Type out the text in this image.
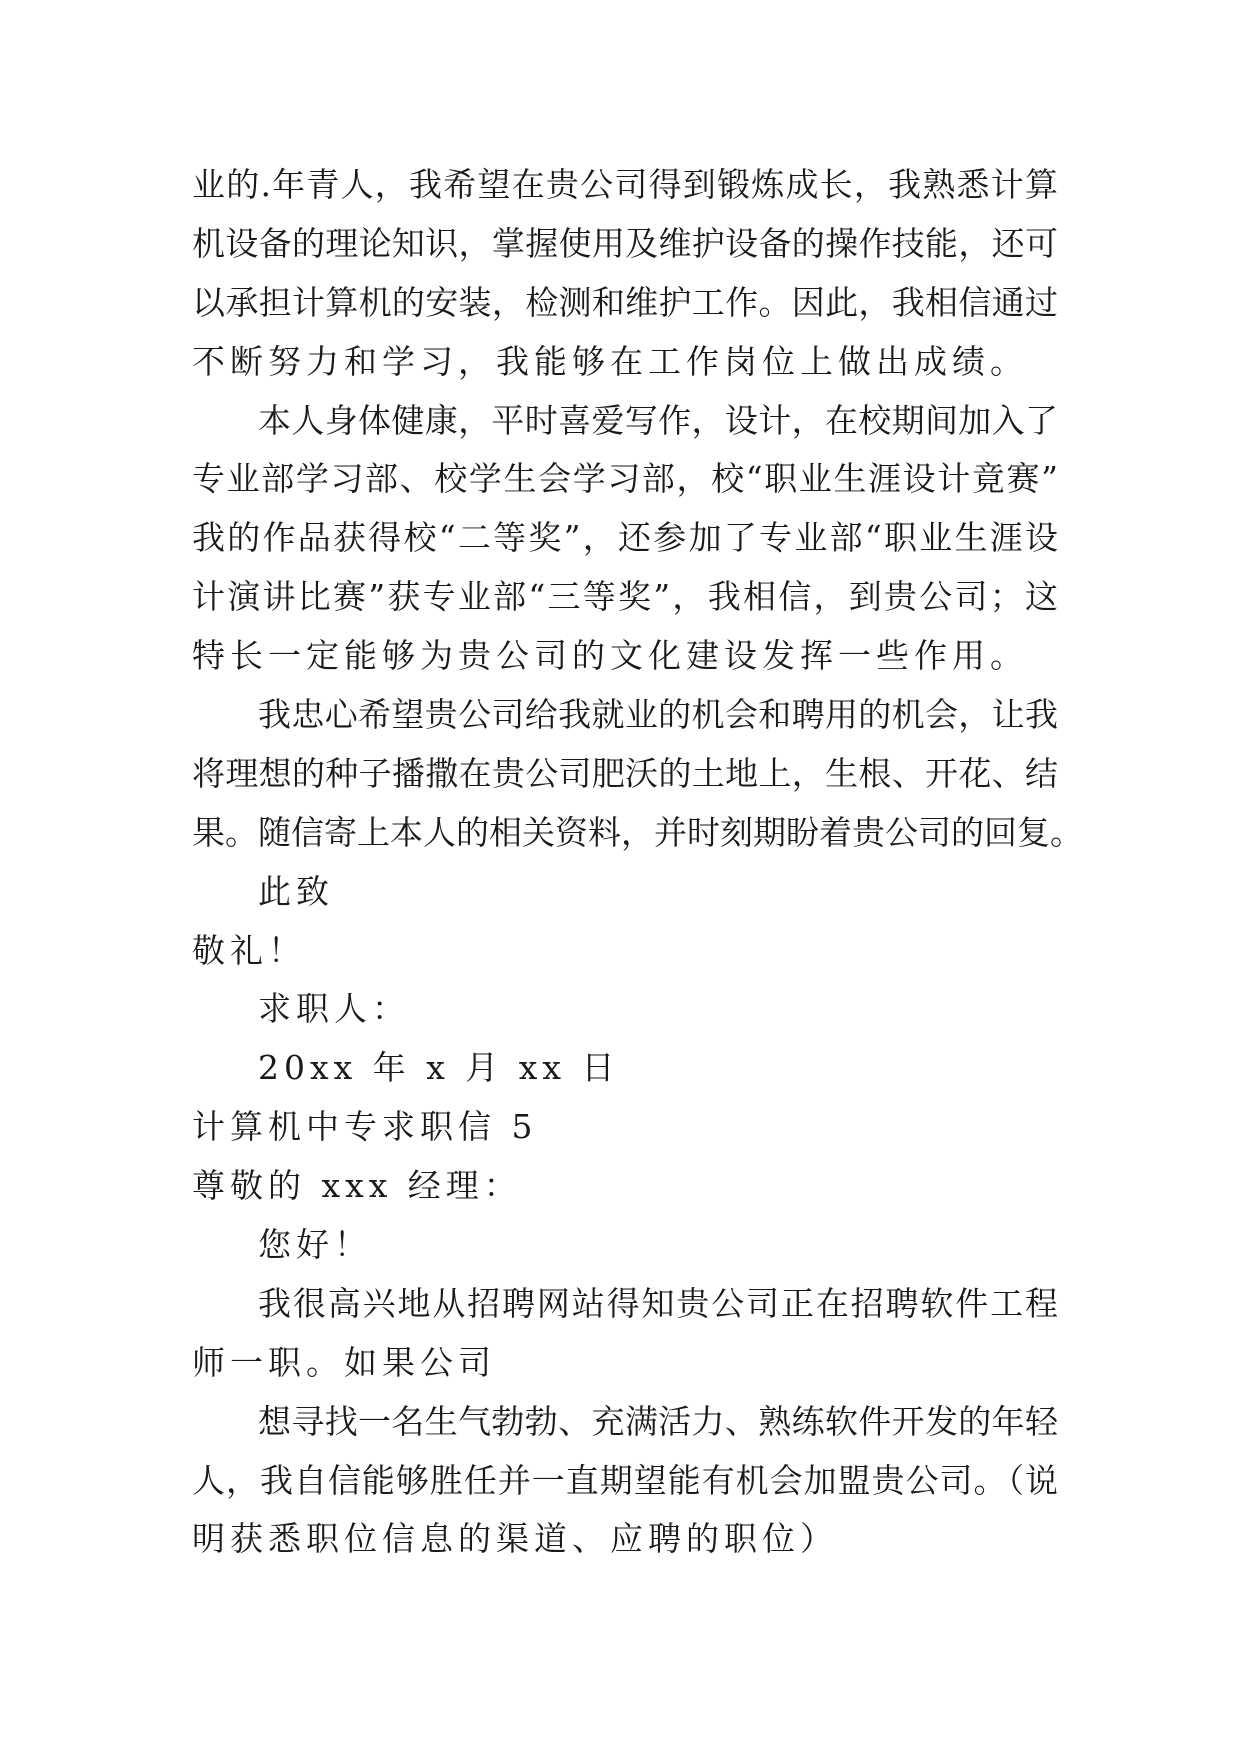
业的.年青人，我希望在贵公司得到锻炼成长，我熟悉计算
机设备的理论知识，掌握使用及维护设备的操作技能，还可
以承担计算机的安装，检测和维护工作。因此，我相信通过
不断努力和学习，我能够在工作岗位上做出成绩。
本人身体健康，平时喜爱写作，设计，在校期间加入了
专业部学习部、校学生会学习部，校“职业生涯设计竟赛”
我的作品获得校“二等奖”，还参加了专业部“职业生涯设
计演讲比赛”获专业部“三等奖”，我相信，到贵公司；这
特长一定能够为贵公司的文化建设发挥一些作用。
我忠心希望贵公司给我就业的机会和聘用的机会，让我
将理想的种子播撒在贵公司肥沃的土地上，生根、开花、结
果。随信寄上本人的相关资料，并时刻期盼着贵公司的回复。
此致
敬礼！
求职人：
20xx 年 x 月 xx 日
计算机中专求职信 5
尊敬的 xxx 经理：
您好！
我很高兴地从招聘网站得知贵公司正在招聘软件工程
师一职。如果公司
想寻找一名生气勃勃、充满活力、熟练软件开发的年轻
人，我自信能够胜任并一直期望能有机会加盟贵公司。（说
明获悉职位信息的渠道、应聘的职位）
